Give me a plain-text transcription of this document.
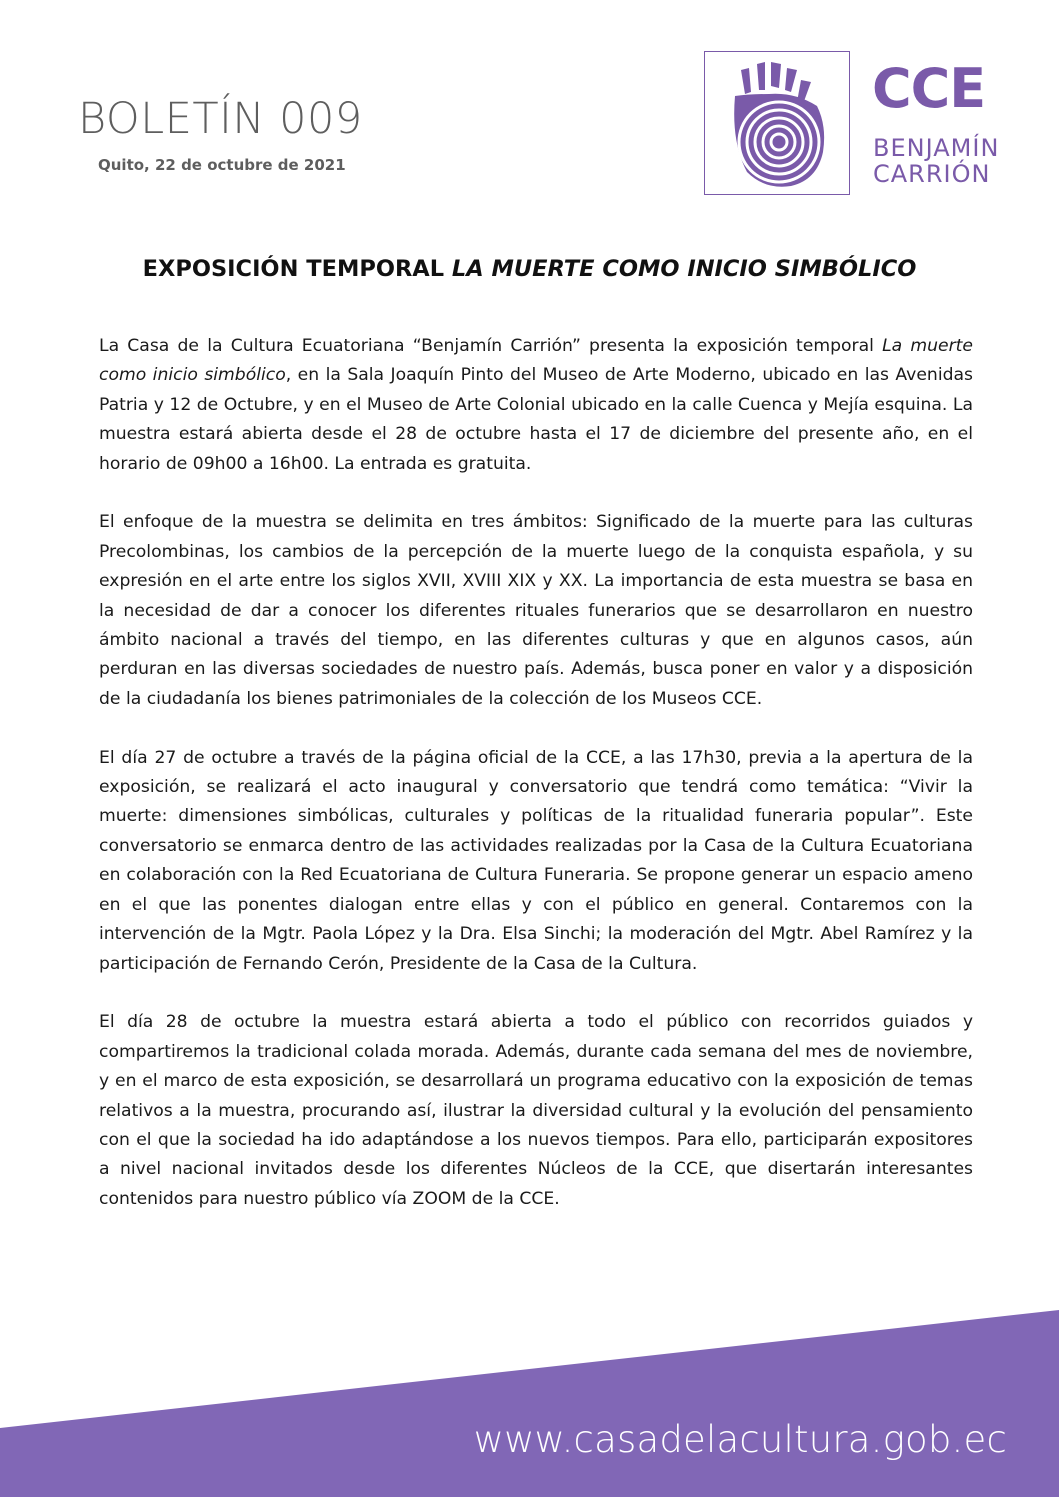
BOLETÍN 009
Quito, 22 de octubre de 2021
CCE
BENJAMÍN
CARRIÓN
EXPOSICIÓN TEMPORAL LA MUERTE COMO INICIO SIMBÓLICO

La Casa de la Cultura Ecuatoriana “Benjamín Carrión” presenta la exposición temporal La muerte como inicio simbólico, en la Sala Joaquín Pinto del Museo de Arte Moderno, ubicado en las Avenidas Patria y 12 de Octubre, y en el Museo de Arte Colonial ubicado en la calle Cuenca y Mejía esquina. La muestra estará abierta desde el 28 de octubre hasta el 17 de diciembre del presente año, en el horario de 09h00 a 16h00. La entrada es gratuita.

El enfoque de la muestra se delimita en tres ámbitos: Significado de la muerte para las culturas Precolombinas, los cambios de la percepción de la muerte luego de la conquista española, y su expresión en el arte entre los siglos XVII, XVIII XIX y XX. La importancia de esta muestra se basa en la necesidad de dar a conocer los diferentes rituales funerarios que se desarrollaron en nuestro ámbito nacional a través del tiempo, en las diferentes culturas y que en algunos casos, aún perduran en las diversas sociedades de nuestro país. Además, busca poner en valor y a disposición de la ciudadanía los bienes patrimoniales de la colección de los Museos CCE.

El día 27 de octubre a través de la página oficial de la CCE, a las 17h30, previa a la apertura de la exposición, se realizará el acto inaugural y conversatorio que tendrá como temática: “Vivir la muerte: dimensiones simbólicas, culturales y políticas de la ritualidad funeraria popular”. Este conversatorio se enmarca dentro de las actividades realizadas por la Casa de la Cultura Ecuatoriana en colaboración con la Red Ecuatoriana de Cultura Funeraria. Se propone generar un espacio ameno en el que las ponentes dialogan entre ellas y con el público en general. Contaremos con la intervención de la Mgtr. Paola López y la Dra. Elsa Sinchi; la moderación del Mgtr. Abel Ramírez y la participación de Fernando Cerón, Presidente de la Casa de la Cultura.

El día 28 de octubre la muestra estará abierta a todo el público con recorridos guiados y compartiremos la tradicional colada morada. Además, durante cada semana del mes de noviembre, y en el marco de esta exposición, se desarrollará un programa educativo con la exposición de temas relativos a la muestra, procurando así, ilustrar la diversidad cultural y la evolución del pensamiento con el que la sociedad ha ido adaptándose a los nuevos tiempos. Para ello, participarán expositores a nivel nacional invitados desde los diferentes Núcleos de la CCE, que disertarán interesantes contenidos para nuestro público vía ZOOM de la CCE.

www.casadelacultura.gob.ec
